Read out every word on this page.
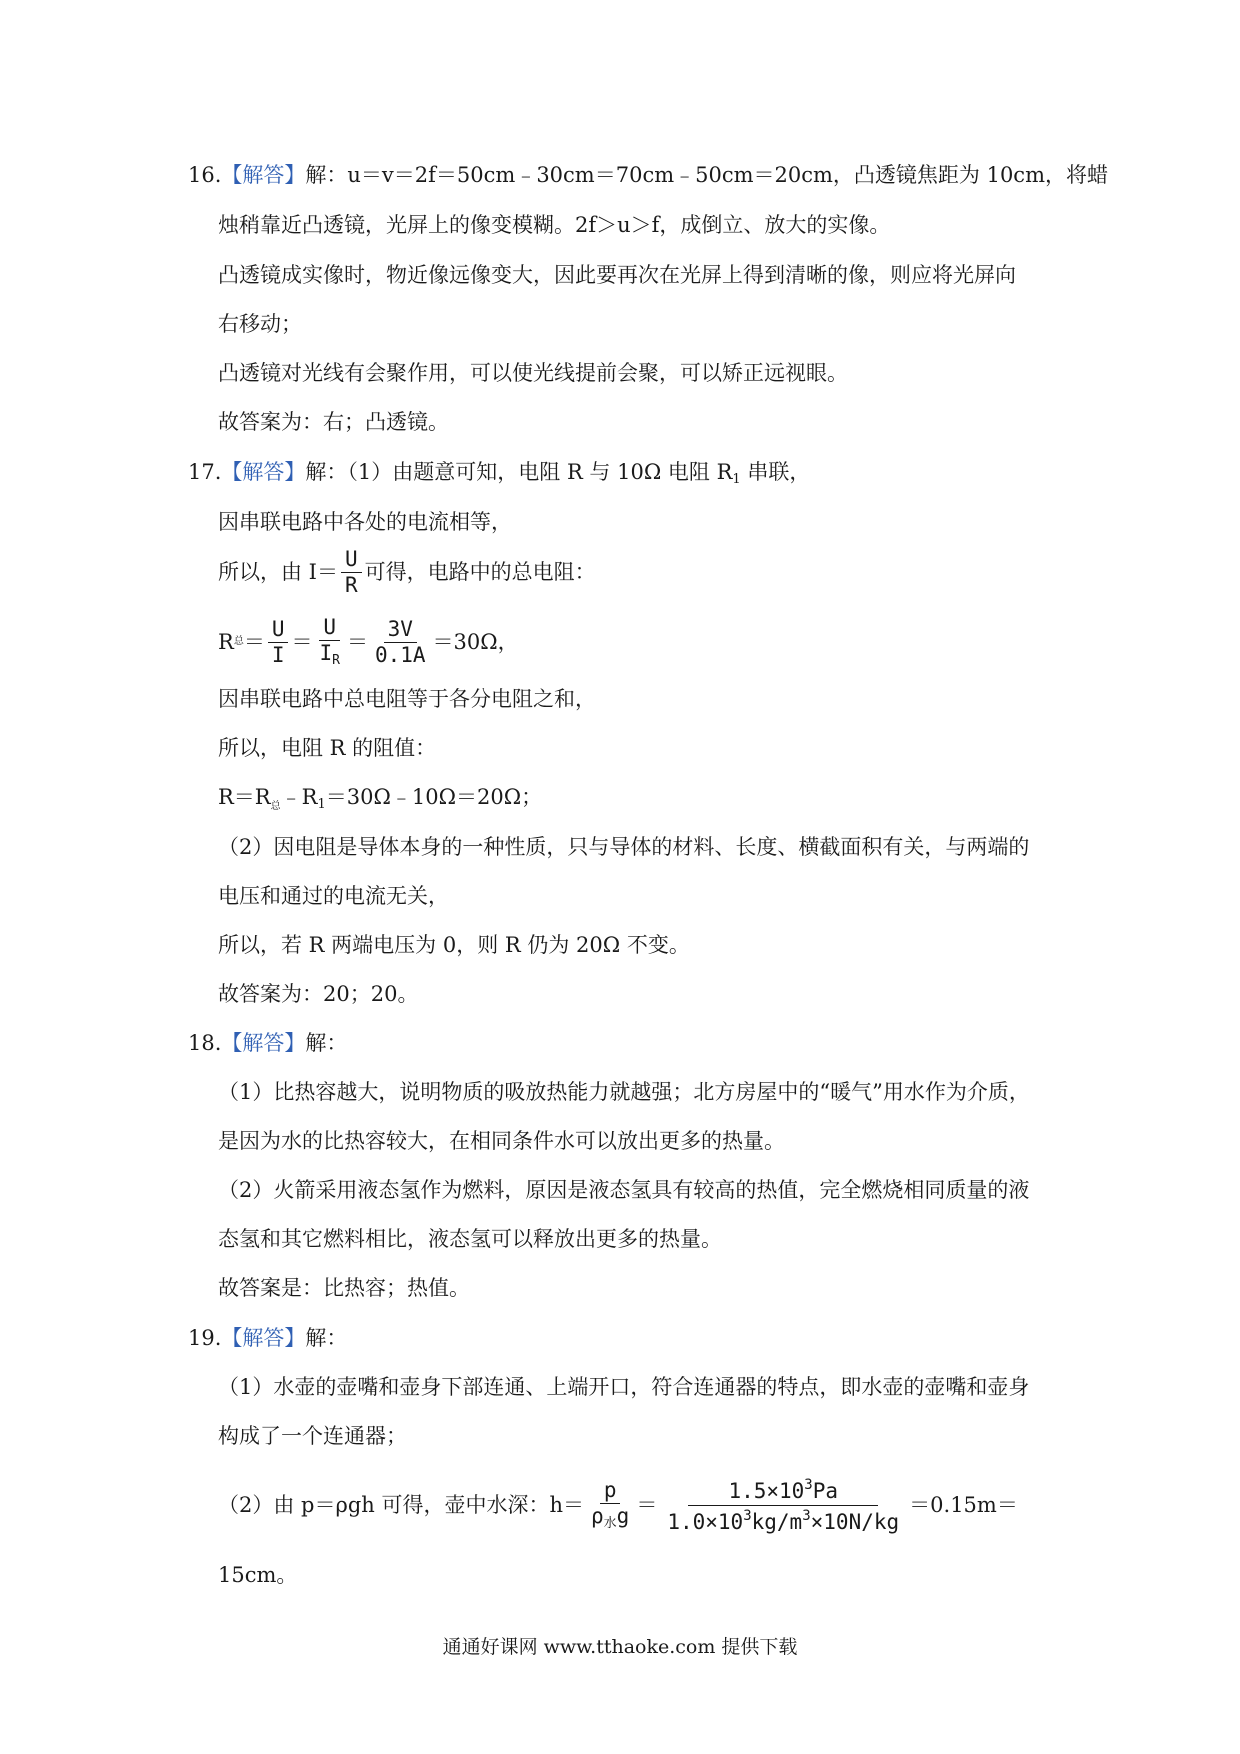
16.【解答】解：u＝v＝2f＝50cm﹣30cm＝70cm﹣50cm＝20cm，凸透镜焦距为 10cm，将蜡
烛稍靠近凸透镜，光屏上的像变模糊。2f＞u＞f，成倒立、放大的实像。
凸透镜成实像时，物近像远像变大，因此要再次在光屏上得到清晰的像，则应将光屏向
右移动；
凸透镜对光线有会聚作用，可以使光线提前会聚，可以矫正远视眼。
故答案为：右；凸透镜。
17.【解答】解：（1）由题意可知，电阻 R 与 10Ω 电阻 $R_1$ 串联，
因串联电路中各处的电流相等，
所以，由 $I= \frac{U}{R}$ 可得，电路中的总电阻：
R 总 ＝ $\frac{U}{I} = \frac{U}{I_R} = \frac{3V}{0.1A} =30\Omega$，
因串联电路中总电阻等于各分电阻之和，
所以，电阻 R 的阻值：
$R=R_总﹣R_1=30\Omega﹣10\Omega=20\Omega$；
（2）因电阻是导体本身的一种性质，只与导体的材料、长度、横截面积有关，与两端的
电压和通过的电流无关，
所以，若 R 两端电压为 0，则 R 仍为 20Ω 不变。
故答案为：20；20。
18.【解答】解：
（1）比热容越大，说明物质的吸放热能力就越强；北方房屋中的“暖气”用水作为介质，
是因为水的比热容较大，在相同条件水可以放出更多的热量。
（2）火箭采用液态氢作为燃料，原因是液态氢具有较高的热值，完全燃烧相同质量的液
态氢和其它燃料相比，液态氢可以释放出更多的热量。
故答案是：比热容；热值。
19.【解答】解：
（1）水壶的壶嘴和壶身下部连通、上端开口，符合连通器的特点，即水壶的壶嘴和壶身
构成了一个连通器；
（2）由 p＝ρgh 可得，壶中水深：$h= \frac{p}{\rho_水g} = \frac{1.5\times 10^3Pa}{1.0\times 10^3kg/m^3\times 10N/kg} =0.15m=$
15cm。
通通好课网 www.tthaoke.com 提供下载
